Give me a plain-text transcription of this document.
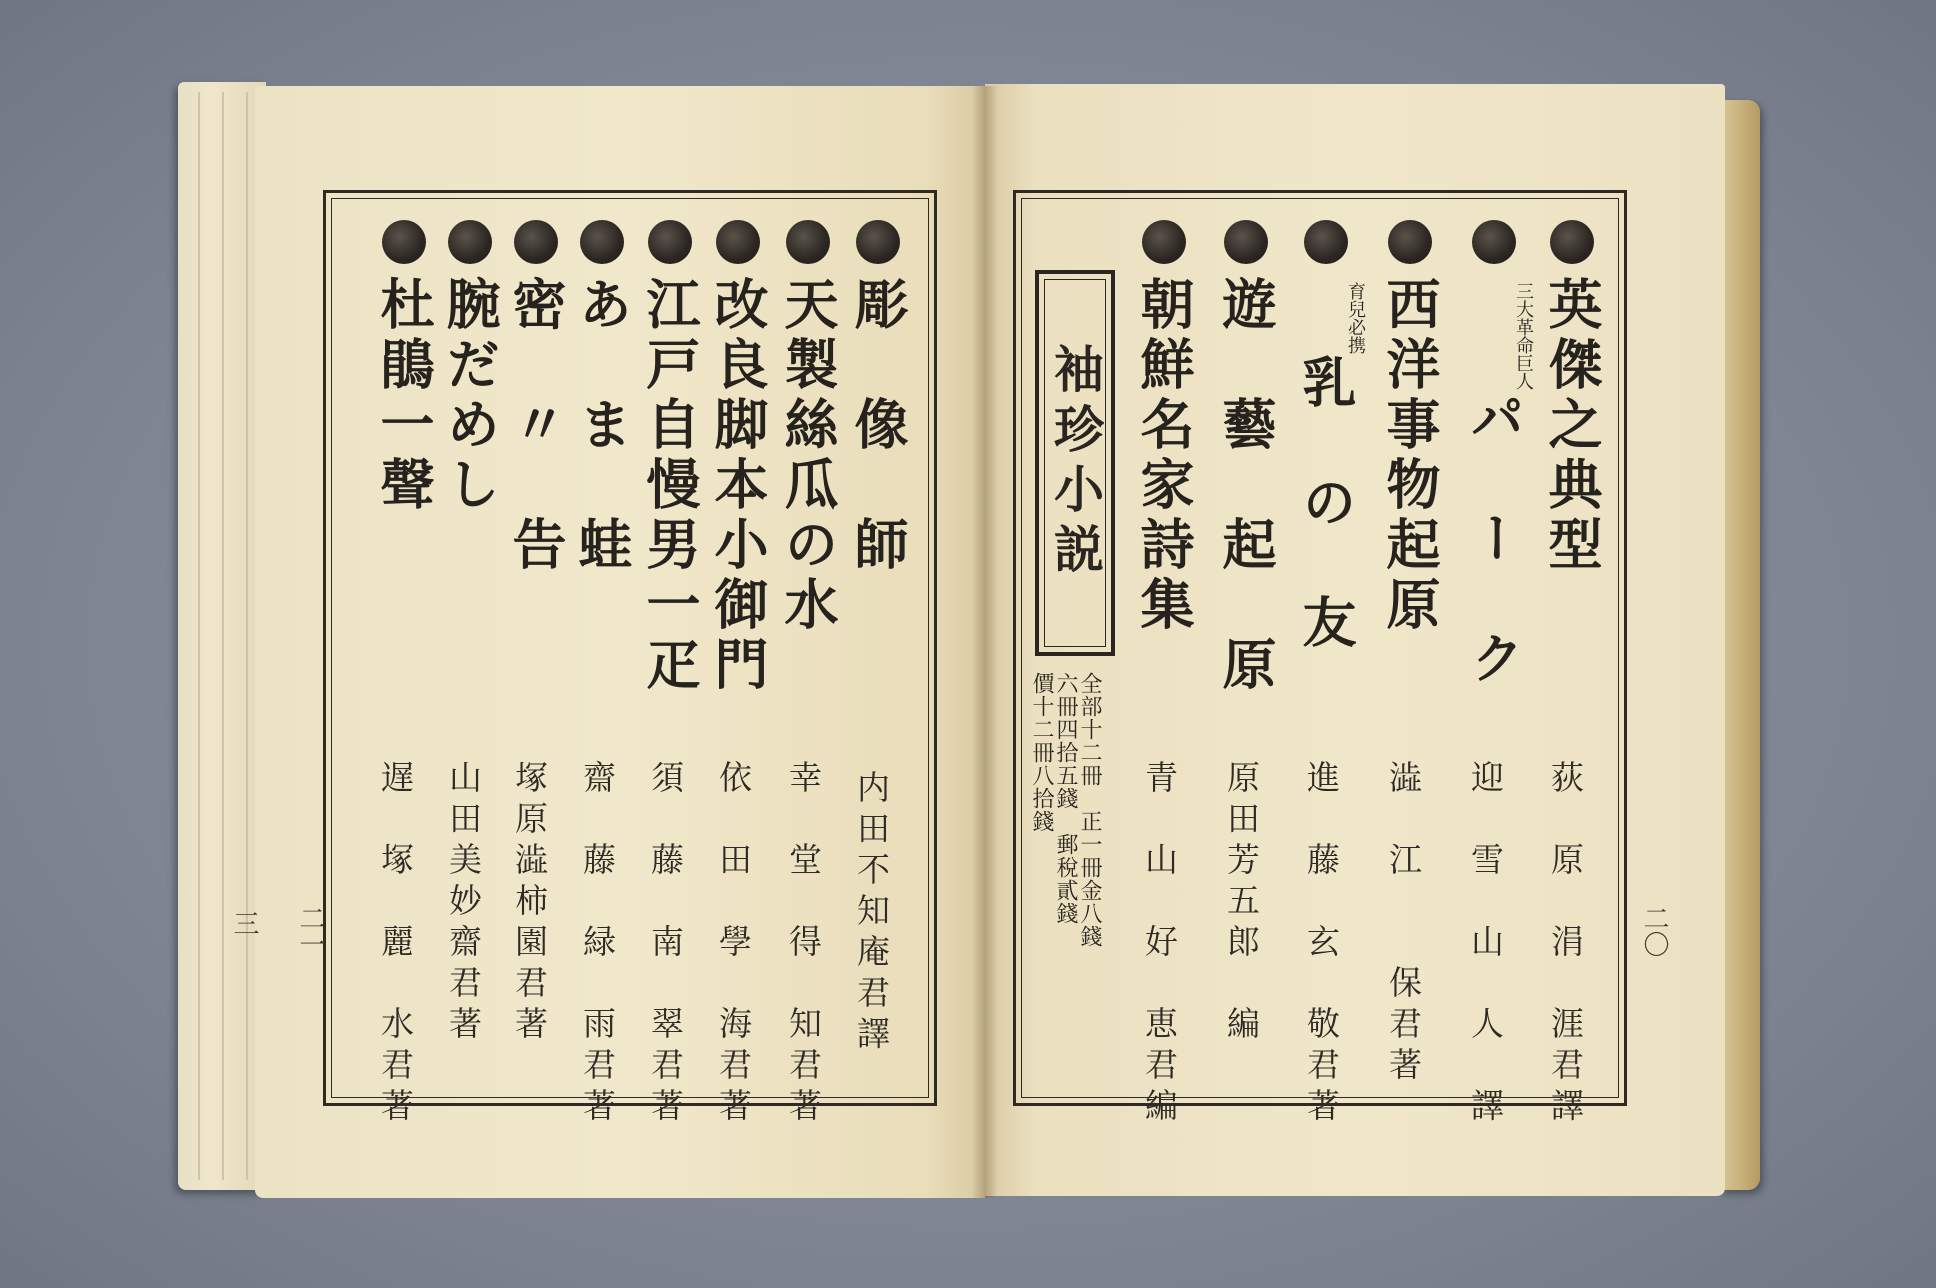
彫　像　師
天製絲瓜の水
改良脚本小御門
江戸自慢男一疋
あ　ま　蛙
密　〃　告
腕だめし
杜鵑一聲
内田不知庵君譯
幸　堂　得　知君著
依　田　學　海君著
須　藤　南　翠君著
齋　藤　緑　雨君著
塚原澁柿園君著
山田美妙齋君著
遅　塚　麗　水君著
二一
三
英傑之典型
三大革命巨人パ　ー　ク
西洋事物起原
育兒必携乳　の　友
遊　藝　起　原
朝鮮名家詩集
袖珍小説
全部十二冊　正一冊金八錢
六冊四拾五錢　郵稅貳錢
價十二冊八拾錢
荻　原　涓　涯君譯
迎　雪　山　人　譯
澁　江　　保君著
進　藤　玄　敬君著
原田芳五郎　編
青　山　好　恵君編	二〇
